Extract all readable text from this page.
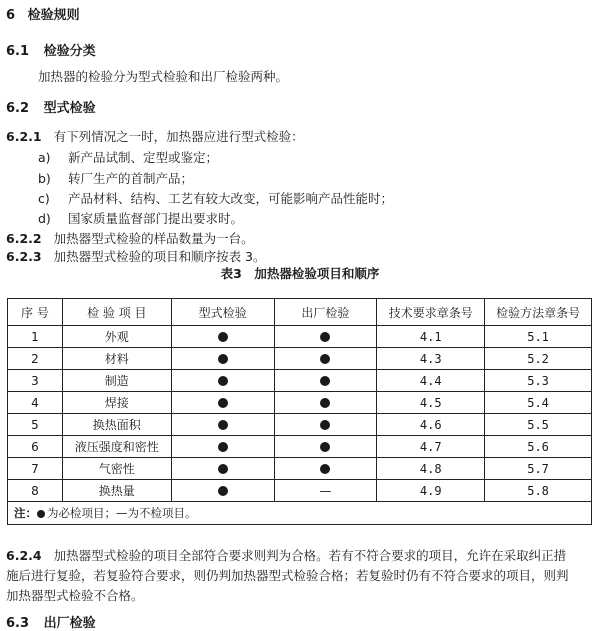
6 检验规则
6.1 检验分类
加热器的检验分为型式检验和出厂检验两种。
6.2 型式检验
6.2.1 有下列情况之一时，加热器应进行型式检验：
a) 新产品试制、定型或鉴定；
b) 转厂生产的首制产品；
c) 产品材料、结构、工艺有较大改变，可能影响产品性能时；
d) 国家质量监督部门提出要求时。
6.2.2 加热器型式检验的样品数量为一台。
6.2.3 加热器型式检验的项目和顺序按表 3。
表3　加热器检验项目和顺序
序 号	检 验 项 目	型式检验	出厂检验	技术要求章条号	检验方法章条号
1	外观			4.1	5.1
2	材料			4.3	5.2
3	制造			4.4	5.3
4	焊接			4.5	5.4
5	换热面积			4.6	5.5
6	液压强度和密性			4.7	5.6
7	气密性			4.8	5.7
8	换热量		—	4.9	5.8
注： 为必检项目；—为不检项目。					
6.2.4 加热器型式检验的项目全部符合要求则判为合格。若有不符合要求的项目，允许在采取纠正措
施后进行复验，若复验符合要求，则仍判加热器型式检验合格；若复验时仍有不符合要求的项目，则判
加热器型式检验不合格。
6.3 出厂检验
